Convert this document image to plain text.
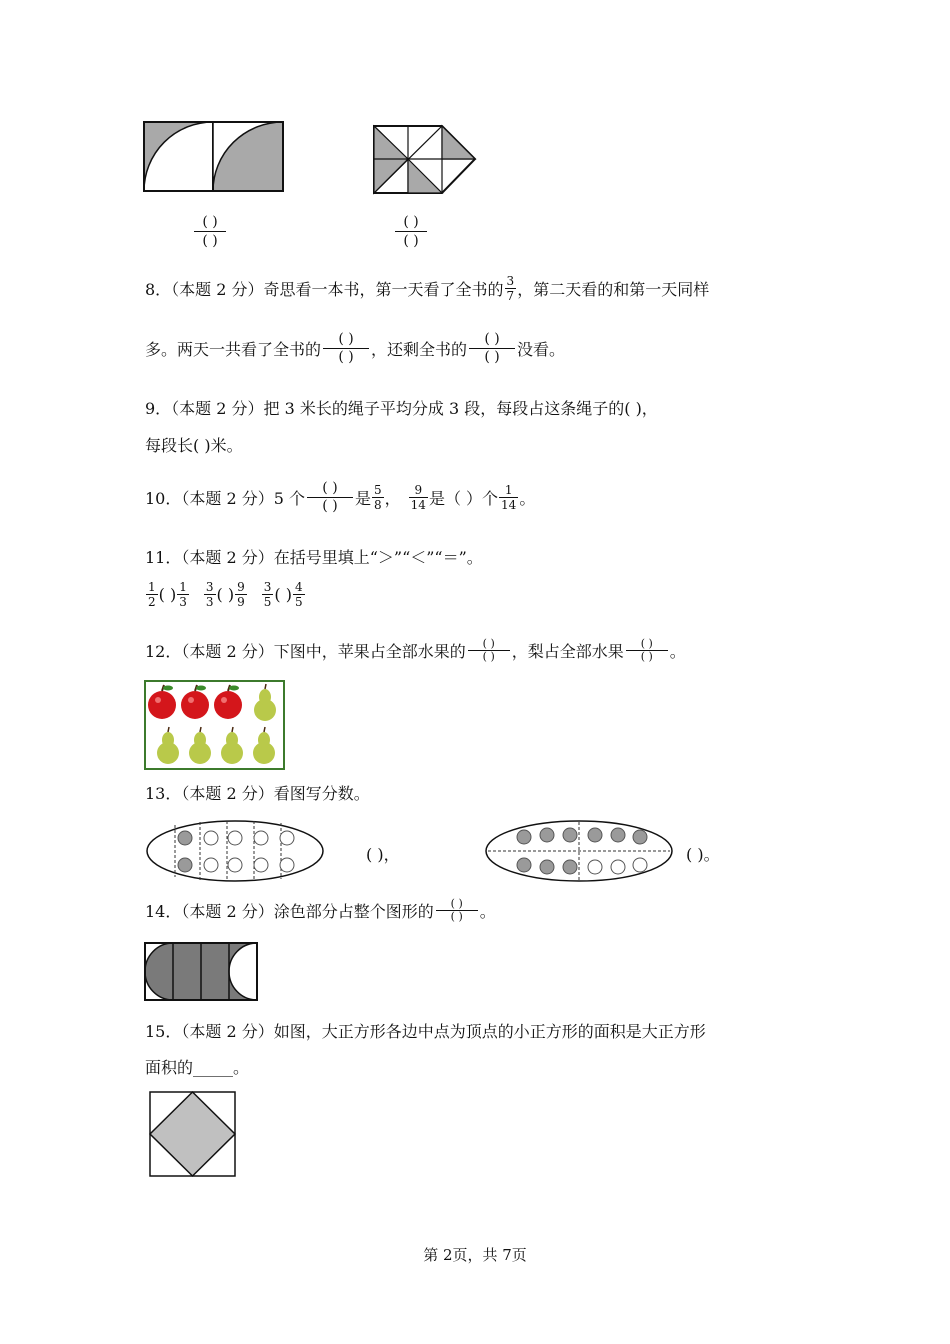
( )
( )
( )
( )
8．（本题 2 分）奇思看一本书，第一天看了全书的 $\frac{3}{7}$ ，第二天看的和第一天同样
多。两天一共看了全书的
( )
( ) ，还剩全书的
( )
( ) 没看。
9．（本题 2 分）把 3 米长的绳子平均分成 3 段，每段占这条绳子的( )，
每段长( )米。
10．（本题 2 分）5 个
( )
( ) 是 $\frac{5}{8}$ ， $\frac{9}{14}$ 是（ ）个 $\frac{1}{14}$ 。
11．（本题 2 分）在括号里填上“＞”“＜”“＝”。
$\frac{1}{2}$ ( ) $\frac{1}{3} \frac{3}{3}$ ( ) $\frac{9}{9} \frac{3}{5}$ ( ) $\frac{4}{5}$
12．（本题 2 分）下图中，苹果占全部水果的 ( )
( ) ，梨占全部水果 ( )
( ) 。
13．（本题 2 分）看图写分数。
( )，	( )。
14．（本题 2 分）涂色部分占整个图形的 ( )
( ) 。
15．（本题 2 分）如图，大正方形各边中点为顶点的小正方形的面积是大正方形
面积的_____。
第 2页，共 7页
